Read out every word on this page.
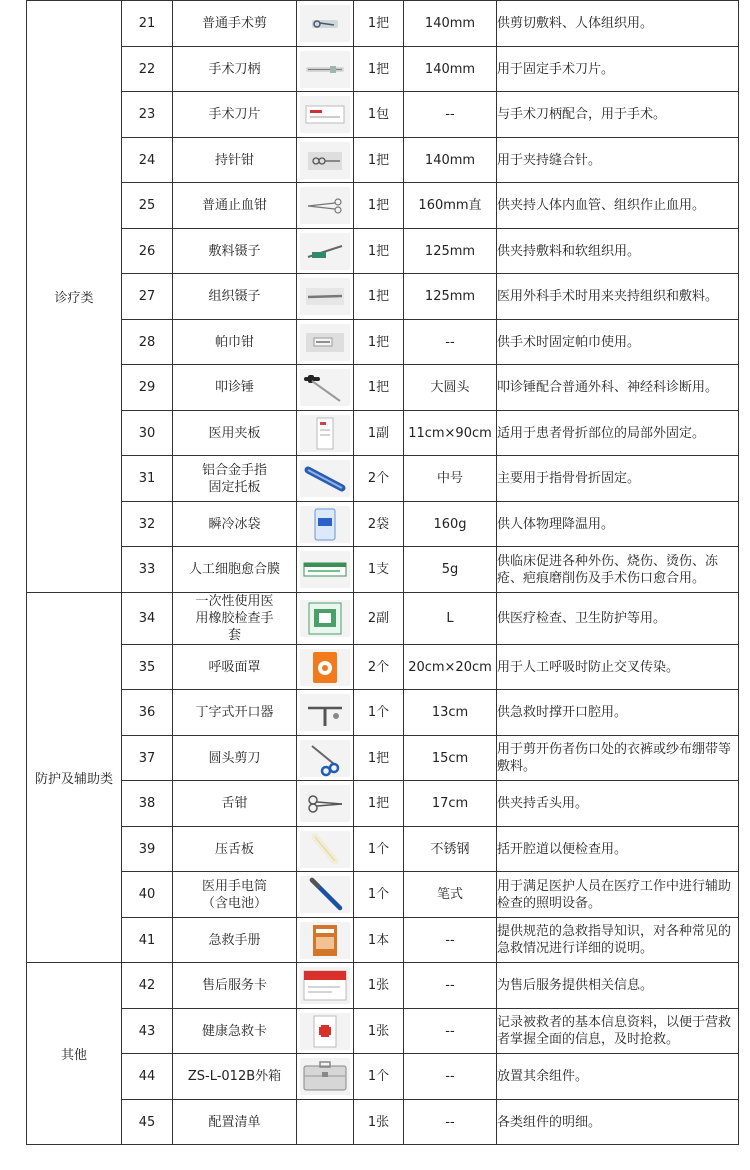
诊疗类	21	普通手术剪		1把	140mm	供剪切敷料、人体组织用。
	22	手术刀柄		1把	140mm	用于固定手术刀片。
	23	手术刀片		1包	--	与手术刀柄配合，用于手术。
	24	持针钳		1把	140mm	用于夹持缝合针。
	25	普通止血钳		1把	160mm直	供夹持人体内血管、组织作止血用。
	26	敷料镊子		1把	125mm	供夹持敷料和软组织用。
	27	组织镊子		1把	125mm	医用外科手术时用来夹持组织和敷料。
	28	帕巾钳		1把	--	供手术时固定帕巾使用。
	29	叩诊锤		1把	大圆头	叩诊锤配合普通外科、神经科诊断用。
	30	医用夹板		1副	11cm×90cm	适用于患者骨折部位的局部外固定。
	31	铝合金手指固定托板		2个	中号	主要用于指骨骨折固定。
	32	瞬冷冰袋		2袋	160g	供人体物理降温用。
	33	人工细胞愈合膜		1支	5g	供临床促进各种外伤、烧伤、烫伤、冻疮、疤痕磨削伤及手术伤口愈合用。
防护及辅助类	34	一次性使用医用橡胶检查手套		2副	L	供医疗检查、卫生防护等用。
	35	呼吸面罩		2个	20cm×20cm	用于人工呼吸时防止交叉传染。
	36	丁字式开口器		1个	13cm	供急救时撑开口腔用。
	37	圆头剪刀		1把	15cm	用于剪开伤者伤口处的衣裤或纱布绷带等敷料。
	38	舌钳		1把	17cm	供夹持舌头用。
	39	压舌板		1个	不锈钢	括开腔道以便检查用。
	40	医用手电筒（含电池）		1个	笔式	用于满足医护人员在医疗工作中进行辅助检查的照明设备。
	41	急救手册		1本	--	提供规范的急救指导知识，对各种常见的急救情况进行详细的说明。
其他	42	售后服务卡		1张	--	为售后服务提供相关信息。
	43	健康急救卡		1张	--	记录被救者的基本信息资料，以便于营救者掌握全面的信息，及时抢救。
	44	ZS-L-012B外箱		1个	--	放置其余组件。
	45	配置清单		1张	--	各类组件的明细。
